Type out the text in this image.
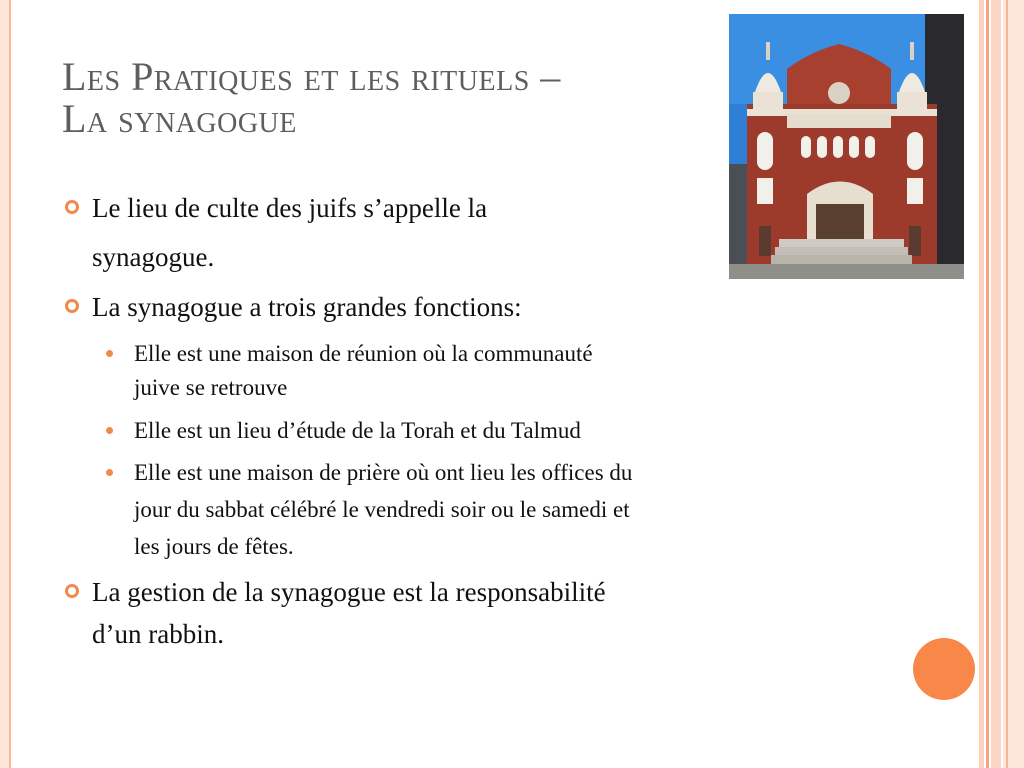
Les Pratiques et les rituels –
La synagogue
Le lieu de culte des juifs s’appelle la
synagogue.
La synagogue a trois grandes fonctions:
Elle est une maison de réunion où la communauté
juive se retrouve
Elle est un lieu d’étude de la Torah et du Talmud
Elle est une maison de prière où ont lieu les offices du
jour du sabbat célébré le vendredi soir ou le samedi et
les jours de fêtes.
La gestion de la synagogue est la responsabilité
d’un rabbin.
